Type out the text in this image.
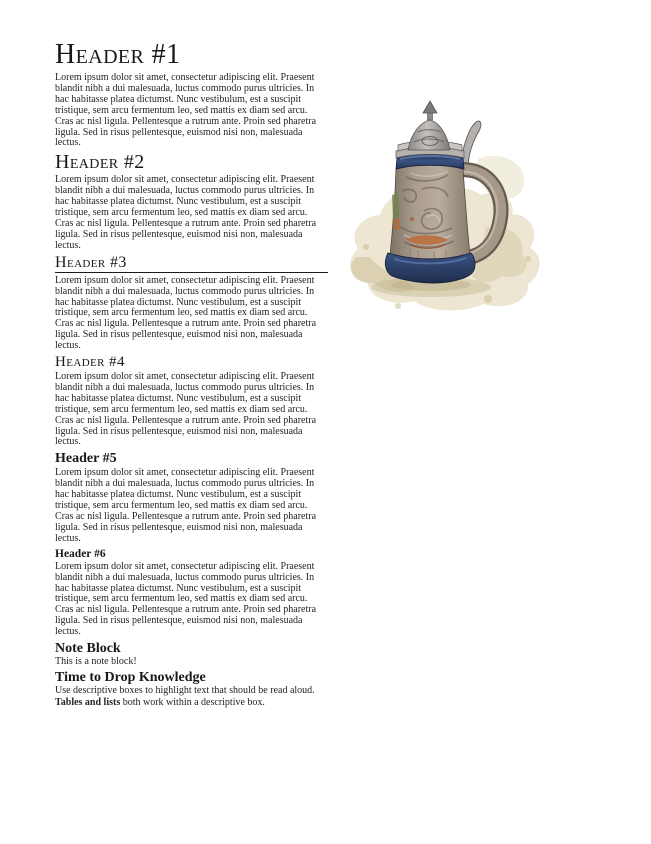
Header #1

Lorem ipsum dolor sit amet, consectetur adipiscing elit. Praesent blandit nibh a dui malesuada, luctus commodo purus ultricies. In hac habitasse platea dictumst. Nunc vestibulum, est a suscipit tristique, sem arcu fermentum leo, sed mattis ex diam sed arcu. Cras ac nisl ligula. Pellentesque a rutrum ante. Proin sed pharetra ligula. Sed in risus pellentesque, euismod nisi non, malesuada lectus.

Header #2

Lorem ipsum dolor sit amet, consectetur adipiscing elit. Praesent blandit nibh a dui malesuada, luctus commodo purus ultricies. In hac habitasse platea dictumst. Nunc vestibulum, est a suscipit tristique, sem arcu fermentum leo, sed mattis ex diam sed arcu. Cras ac nisl ligula. Pellentesque a rutrum ante. Proin sed pharetra ligula. Sed in risus pellentesque, euismod nisi non, malesuada lectus.

Header #3

Lorem ipsum dolor sit amet, consectetur adipiscing elit. Praesent blandit nibh a dui malesuada, luctus commodo purus ultricies. In hac habitasse platea dictumst. Nunc vestibulum, est a suscipit tristique, sem arcu fermentum leo, sed mattis ex diam sed arcu. Cras ac nisl ligula. Pellentesque a rutrum ante. Proin sed pharetra ligula. Sed in risus pellentesque, euismod nisi non, malesuada lectus.

Header #4

Lorem ipsum dolor sit amet, consectetur adipiscing elit. Praesent blandit nibh a dui malesuada, luctus commodo purus ultricies. In hac habitasse platea dictumst. Nunc vestibulum, est a suscipit tristique, sem arcu fermentum leo, sed mattis ex diam sed arcu. Cras ac nisl ligula. Pellentesque a rutrum ante. Proin sed pharetra ligula. Sed in risus pellentesque, euismod nisi non, malesuada lectus.

Header #5

Lorem ipsum dolor sit amet, consectetur adipiscing elit. Praesent blandit nibh a dui malesuada, luctus commodo purus ultricies. In hac habitasse platea dictumst. Nunc vestibulum, est a suscipit tristique, sem arcu fermentum leo, sed mattis ex diam sed arcu. Cras ac nisl ligula. Pellentesque a rutrum ante. Proin sed pharetra ligula. Sed in risus pellentesque, euismod nisi non, malesuada lectus.

Header #6

Lorem ipsum dolor sit amet, consectetur adipiscing elit. Praesent blandit nibh a dui malesuada, luctus commodo purus ultricies. In hac habitasse platea dictumst. Nunc vestibulum, est a suscipit tristique, sem arcu fermentum leo, sed mattis ex diam sed arcu. Cras ac nisl ligula. Pellentesque a rutrum ante. Proin sed pharetra ligula. Sed in risus pellentesque, euismod nisi non, malesuada lectus.

Note Block

This is a note block!

Time to Drop Knowledge

Use descriptive boxes to highlight text that should be read aloud.

Tables and lists both work within a descriptive box.
